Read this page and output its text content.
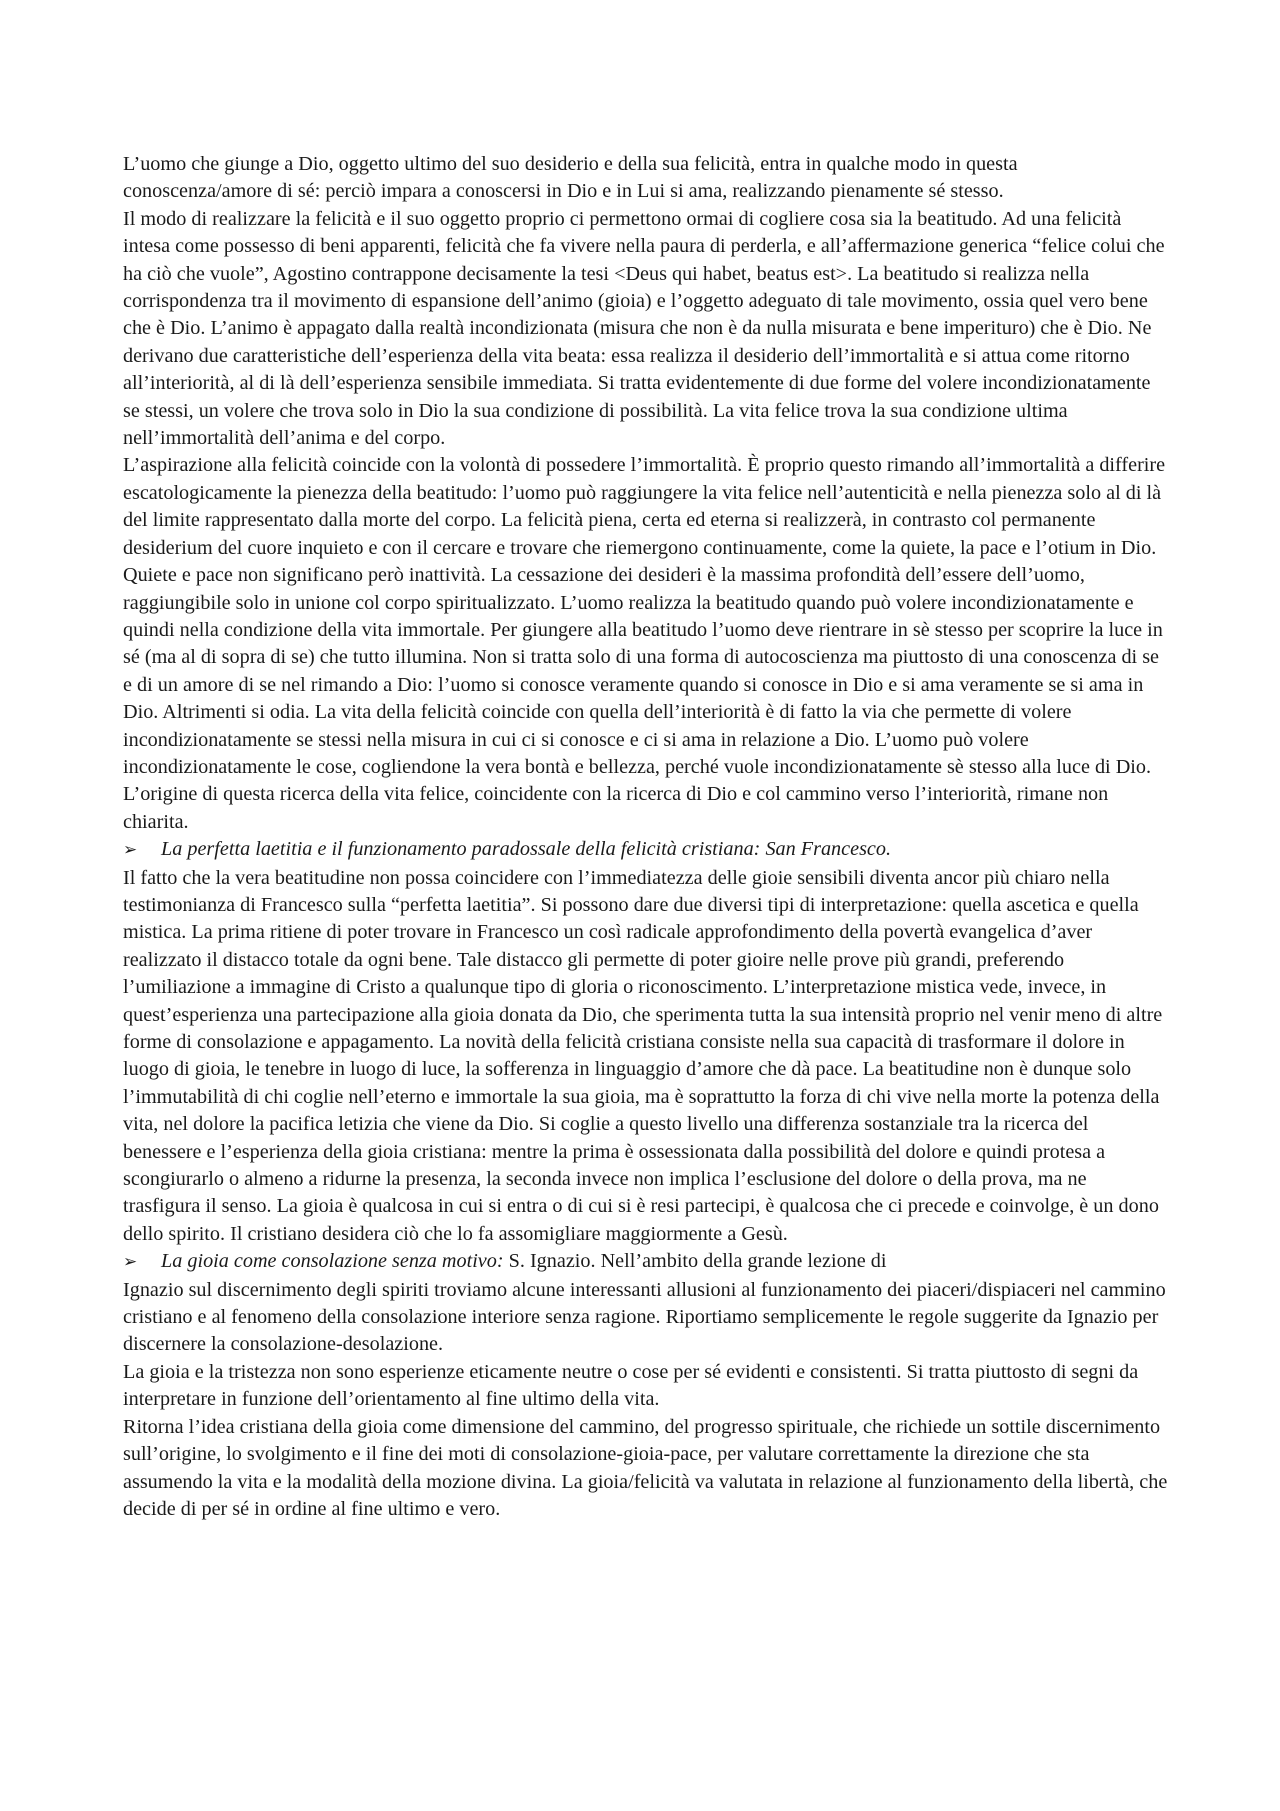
L’uomo che giunge a Dio, oggetto ultimo del suo desiderio e della sua felicità, entra in qualche modo in questa conoscenza/amore di sé: perciò impara a conoscersi in Dio e in Lui si ama, realizzando pienamente sé stesso.

Il modo di realizzare la felicità e il suo oggetto proprio ci permettono ormai di cogliere cosa sia la beatitudo. Ad una felicità intesa come possesso di beni apparenti, felicità che fa vivere nella paura di perderla, e all’affermazione generica “felice colui che ha ciò che vuole”, Agostino contrappone decisamente la tesi <Deus qui habet, beatus est>. La beatitudo si realizza nella corrispondenza tra il movimento di espansione dell’animo (gioia) e l’oggetto adeguato di tale movimento, ossia quel vero bene che è Dio. L’animo è appagato dalla realtà incondizionata (misura che non è da nulla misurata e bene imperituro) che è Dio. Ne derivano due caratteristiche dell’esperienza della vita beata: essa realizza il desiderio dell’immortalità e si attua come ritorno all’interiorità, al di là dell’esperienza sensibile immediata. Si tratta evidentemente di due forme del volere incondizionatamente se stessi, un volere che trova solo in Dio la sua condizione di possibilità. La vita felice trova la sua condizione ultima nell’immortalità dell’anima e del corpo.

L’aspirazione alla felicità coincide con la volontà di possedere l’immortalità. È proprio questo rimando all’immortalità a differire escatologicamente la pienezza della beatitudo: l’uomo può raggiungere la vita felice nell’autenticità e nella pienezza solo al di là del limite rappresentato dalla morte del corpo. La felicità piena, certa ed eterna si realizzerà, in contrasto col permanente desiderium del cuore inquieto e con il cercare e trovare che riemergono continuamente, come la quiete, la pace e l’otium in Dio. Quiete e pace non significano però inattività. La cessazione dei desideri è la massima profondità dell’essere dell’uomo, raggiungibile solo in unione col corpo spiritualizzato. L’uomo realizza la beatitudo quando può volere incondizionatamente e quindi nella condizione della vita immortale. Per giungere alla beatitudo l’uomo deve rientrare in sè stesso per scoprire la luce in sé (ma al di sopra di se) che tutto illumina. Non si tratta solo di una forma di autocoscienza ma piuttosto di una conoscenza di se e di un amore di se nel rimando a Dio: l’uomo si conosce veramente quando si conosce in Dio e si ama veramente se si ama in Dio. Altrimenti si odia. La vita della felicità coincide con quella dell’interiorità è di fatto la via che permette di volere incondizionatamente se stessi nella misura in cui ci si conosce e ci si ama in relazione a Dio. L’uomo può volere incondizionatamente le cose, cogliendone la vera bontà e bellezza, perché vuole incondizionatamente sè stesso alla luce di Dio. L’origine di questa ricerca della vita felice, coincidente con la ricerca di Dio e col cammino verso l’interiorità, rimane non chiarita.

➢	La perfetta laetitia e il funzionamento paradossale della felicità cristiana: San Francesco.

Il fatto che la vera beatitudine non possa coincidere con l’immediatezza delle gioie sensibili diventa ancor più chiaro nella testimonianza di Francesco sulla “perfetta laetitia”. Si possono dare due diversi tipi di interpretazione: quella ascetica e quella mistica. La prima ritiene di poter trovare in Francesco un così radicale approfondimento della povertà evangelica d’aver realizzato il distacco totale da ogni bene. Tale distacco gli permette di poter gioire nelle prove più grandi, preferendo l’umiliazione a immagine di Cristo a qualunque tipo di gloria o riconoscimento. L’interpretazione mistica vede, invece, in quest’esperienza una partecipazione alla gioia donata da Dio, che sperimenta tutta la sua intensità proprio nel venir meno di altre forme di consolazione e appagamento. La novità della felicità cristiana consiste nella sua capacità di trasformare il dolore in luogo di gioia, le tenebre in luogo di luce, la sofferenza in linguaggio d’amore che dà pace. La beatitudine non è dunque solo l’immutabilità di chi coglie nell’eterno e immortale la sua gioia, ma è soprattutto la forza di chi vive nella morte la potenza della vita, nel dolore la pacifica letizia che viene da Dio. Si coglie a questo livello una differenza sostanziale tra la ricerca del benessere e l’esperienza della gioia cristiana: mentre la prima è ossessionata dalla possibilità del dolore e quindi protesa a scongiurarlo o almeno a ridurne la presenza, la seconda invece non implica l’esclusione del dolore o della prova, ma ne trasfigura il senso. La gioia è qualcosa in cui si entra o di cui si è resi partecipi, è qualcosa che ci precede e coinvolge, è un dono dello spirito. Il cristiano desidera ciò che lo fa assomigliare maggiormente a Gesù.

➢	La gioia come consolazione senza motivo: S. Ignazio. Nell’ambito della grande lezione di

Ignazio sul discernimento degli spiriti troviamo alcune interessanti allusioni al funzionamento dei piaceri/dispiaceri nel cammino cristiano e al fenomeno della consolazione interiore senza ragione. Riportiamo semplicemente le regole suggerite da Ignazio per discernere la consolazione-desolazione.

La gioia e la tristezza non sono esperienze eticamente neutre o cose per sé evidenti e consistenti. Si tratta piuttosto di segni da interpretare in funzione dell’orientamento al fine ultimo della vita.

Ritorna l’idea cristiana della gioia come dimensione del cammino, del progresso spirituale, che richiede un sottile discernimento sull’origine, lo svolgimento e il fine dei moti di consolazione-gioia-pace, per valutare correttamente la direzione che sta assumendo la vita e la modalità della mozione divina. La gioia/felicità va valutata in relazione al funzionamento della libertà, che decide di per sé in ordine al fine ultimo e vero.
